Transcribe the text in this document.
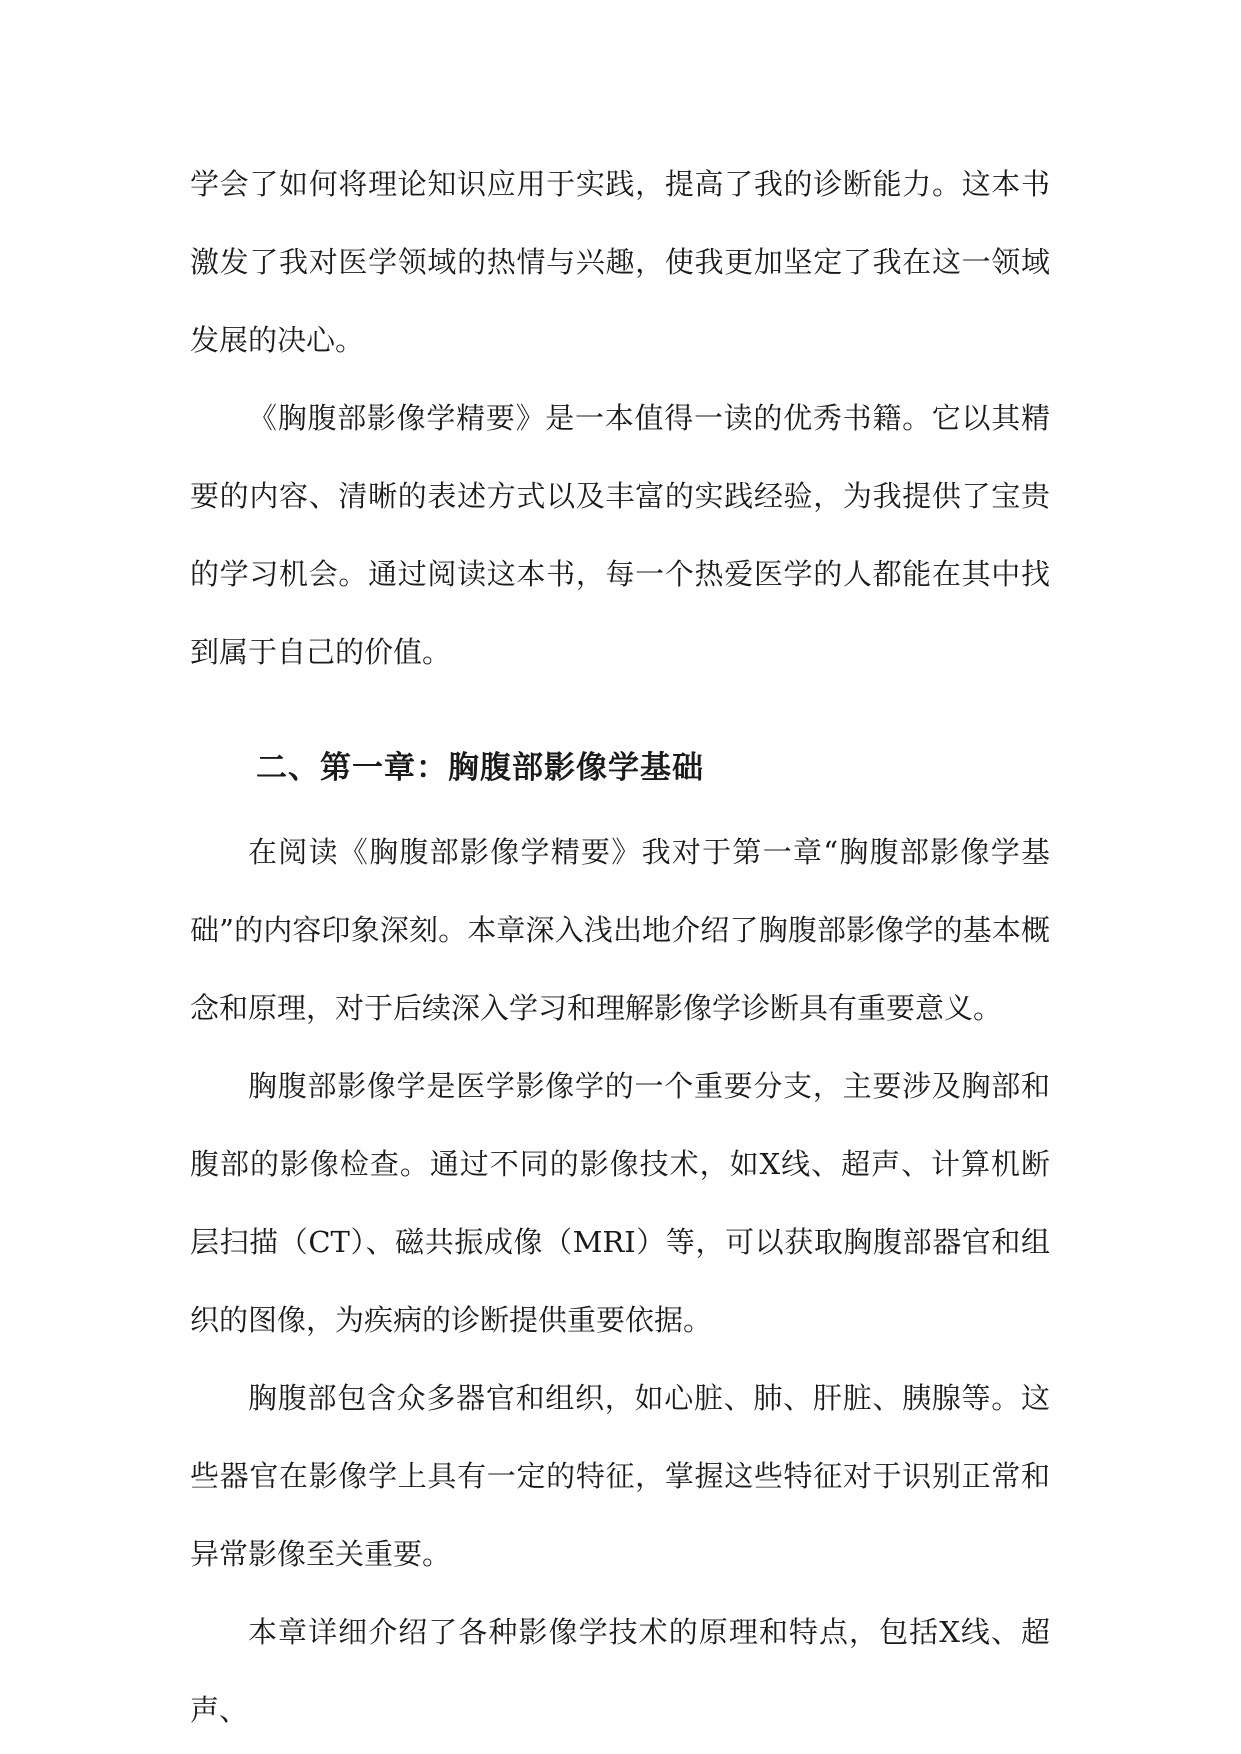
学会了如何将理论知识应用于实践，提高了我的诊断能力。这本书激发了我对医学领域的热情与兴趣，使我更加坚定了我在这一领域发展的决心。

《胸腹部影像学精要》是一本值得一读的优秀书籍。它以其精要的内容、清晰的表述方式以及丰富的实践经验，为我提供了宝贵的学习机会。通过阅读这本书，每一个热爱医学的人都能在其中找到属于自己的价值。

二、第一章：胸腹部影像学基础

在阅读《胸腹部影像学精要》我对于第一章“胸腹部影像学基础”的内容印象深刻。本章深入浅出地介绍了胸腹部影像学的基本概念和原理，对于后续深入学习和理解影像学诊断具有重要意义。

胸腹部影像学是医学影像学的一个重要分支，主要涉及胸部和腹部的影像检查。通过不同的影像技术，如X线、超声、计算机断层扫描（CT）、磁共振成像（MRI）等，可以获取胸腹部器官和组织的图像，为疾病的诊断提供重要依据。

胸腹部包含众多器官和组织，如心脏、肺、肝脏、胰腺等。这些器官在影像学上具有一定的特征，掌握这些特征对于识别正常和异常影像至关重要。

本章详细介绍了各种影像学技术的原理和特点，包括X线、超声、
